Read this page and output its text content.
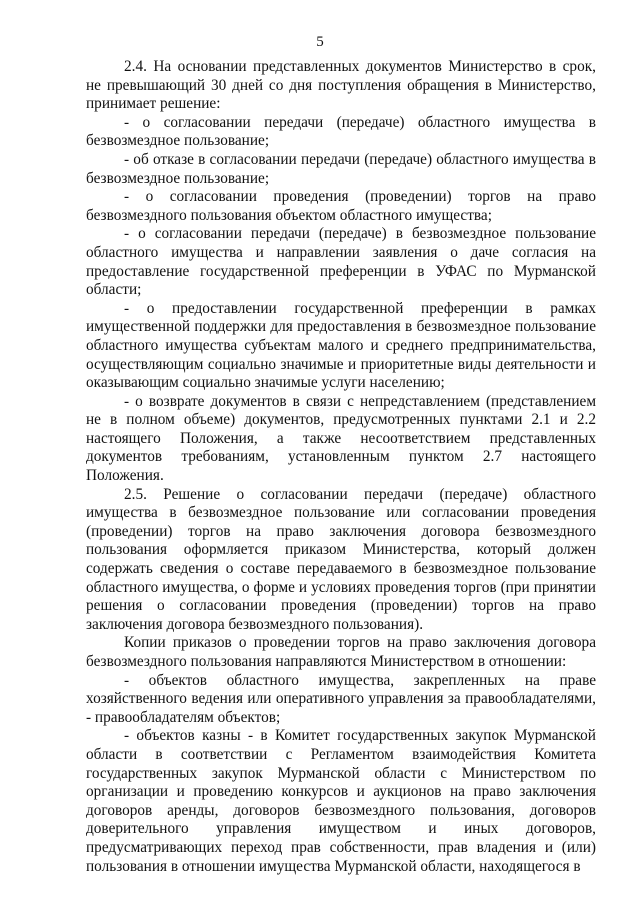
5

2.4. На основании представленных документов Министерство в срок, не превышающий 30 дней со дня поступления обращения в Министерство, принимает решение:

- о согласовании передачи (передаче) областного имущества в безвозмездное пользование;

- об отказе в согласовании передачи (передаче) областного имущества в безвозмездное пользование;

- о согласовании проведения (проведении) торгов на право безвозмездного пользования объектом областного имущества;

- о согласовании передачи (передаче) в безвозмездное пользование областного имущества и направлении заявления о даче согласия на предоставление государственной преференции в УФАС по Мурманской области;

- о предоставлении государственной преференции в рамках имущественной поддержки для предоставления в безвозмездное пользование областного имущества субъектам малого и среднего предпринимательства, осуществляющим социально значимые и приоритетные виды деятельности и оказывающим социально значимые услуги населению;

- о возврате документов в связи с непредставлением (представлением не в полном объеме) документов, предусмотренных пунктами 2.1 и 2.2 настоящего Положения, а также несоответствием представленных документов требованиям, установленным пунктом 2.7 настоящего Положения.

2.5. Решение о согласовании передачи (передаче) областного имущества в безвозмездное пользование или согласовании проведения (проведении) торгов на право заключения договора безвозмездного пользования оформляется приказом Министерства, который должен содержать сведения о составе передаваемого в безвозмездное пользование областного имущества, о форме и условиях проведения торгов (при принятии решения о согласовании проведения (проведении) торгов на право заключения договора безвозмездного пользования).

Копии приказов о проведении торгов на право заключения договора безвозмездного пользования направляются Министерством в отношении:

- объектов областного имущества, закрепленных на праве хозяйственного ведения или оперативного управления за правообладателями, - правообладателям объектов;

- объектов казны - в Комитет государственных закупок Мурманской области в соответствии с Регламентом взаимодействия Комитета государственных закупок Мурманской области с Министерством по организации и проведению конкурсов и аукционов на право заключения договоров аренды, договоров безвозмездного пользования, договоров доверительного управления имуществом и иных договоров, предусматривающих переход прав собственности, прав владения и (или) пользования в отношении имущества Мурманской области, находящегося в
